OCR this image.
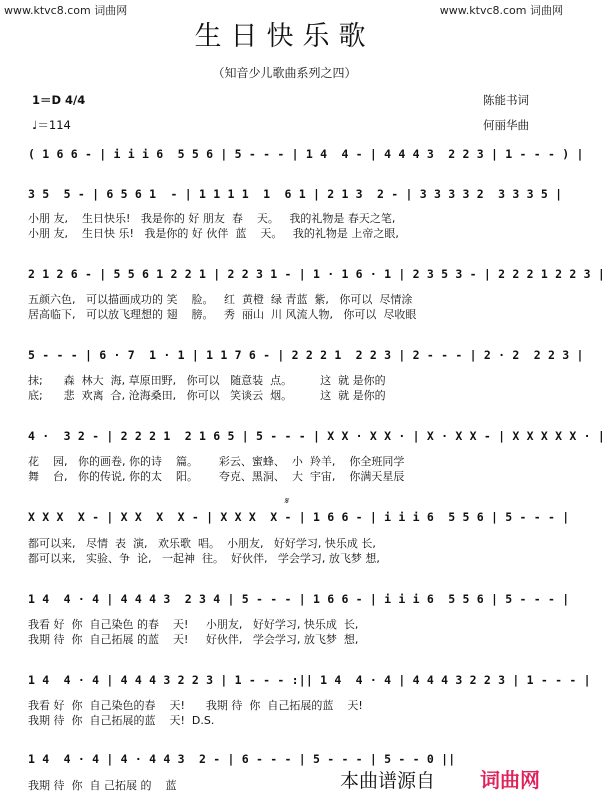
www.ktvc8.com 词曲网	www.ktvc8.com 词曲网
生日快乐歌
（知音少儿歌曲系列之四）
1＝D 4/4
♩＝114
陈能书词
何丽华曲
( 1 6 6 - | i i i 6  5 5 6 | 5 - - - | 1 4  4 - | 4 4 4 3  2 2 3 | 1 - - - ) |
3 5  5 - | 6 5 6 1  - | 1 1 1 1  1  6 1 | 2 1 3  2 - | 3 3 3 3 2  3 3 3 5 |
小朋 友,    生日快乐!   我是你的 好 朋友  春    天。   我的礼物是 春天之笔,
小朋 友,    生日快 乐!   我是你的 好 伙伴  蓝    天。   我的礼物是 上帝之眼,
2 1 2 6 - | 5 5 6 1 2 2 1 | 2 2 3 1 - | 1 · 1 6 · 1 | 2 3 5 3 - | 2 2 2 1 2 2 3 |
五颜六色,   可以描画成功的 笑    脸。   红  黄橙  绿 青蓝  紫,   你可以  尽情涂
居高临下,   可以放飞理想的 翅    膀。   秀  丽山  川 风流人物,   你可以  尽收眼
5 - - - | 6 · 7  1 · 1 | 1 1 7 6 - | 2 2 2 1  2 2 3 | 2 - - - | 2 · 2  2 2 3 |
抹;      森  林大  海, 草原田野,   你可以   随意装  点。        这  就 是你的
底;      悲  欢离  合, 沧海桑田,   你可以   笑谈云  烟。        这  就 是你的
4 ·  3 2 - | 2 2 2 1  2 1 6 5 | 5 - - - | X X · X X · | X · X X - | X X X X X · |
花    园,   你的画卷, 你的诗    篇。      彩云、蜜蜂、  小  羚羊,    你全班同学
舞    台,   你的传说, 你的太    阳。      夸克、黑洞、  大  宇宙,    你满天星辰
𝄋
X X X  X - | X X  X  X - | X X X  X - | 1 6 6 - | i i i 6  5 5 6 | 5 - - - |
都可以来,   尽情  表  演,   欢乐歌  唱。  小朋友,   好好学习, 快乐成 长,
都可以来,   实验、争  论,   一起神  往。  好伙伴,   学会学习, 放飞梦 想,
1 4  4 · 4 | 4 4 4 3  2 3 4 | 5 - - - | 1 6 6 - | i i i 6  5 5 6 | 5 - - - |
我看 好  你  自己染色 的春    天!     小朋友,   好好学习, 快乐成  长,
我期 待  你  自己拓展 的蓝    天!     好伙伴,   学会学习, 放飞梦  想,
1 4  4 · 4 | 4 4 4 3 2 2 3 | 1 - - - :|| 1 4  4 · 4 | 4 4 4 3 2 2 3 | 1 - - - |
我看 好  你  自己染色的春    天!      我期 待  你  自己拓展的蓝    天!
我期 待  你  自己拓展的蓝    天!  D.S.
1 4  4 · 4 | 4 · 4 4 3  2 - | 6 - - - | 5 - - - | 5 - - 0 ||
我期 待  你  自 己拓展 的    蓝	本曲谱源自 词曲网
